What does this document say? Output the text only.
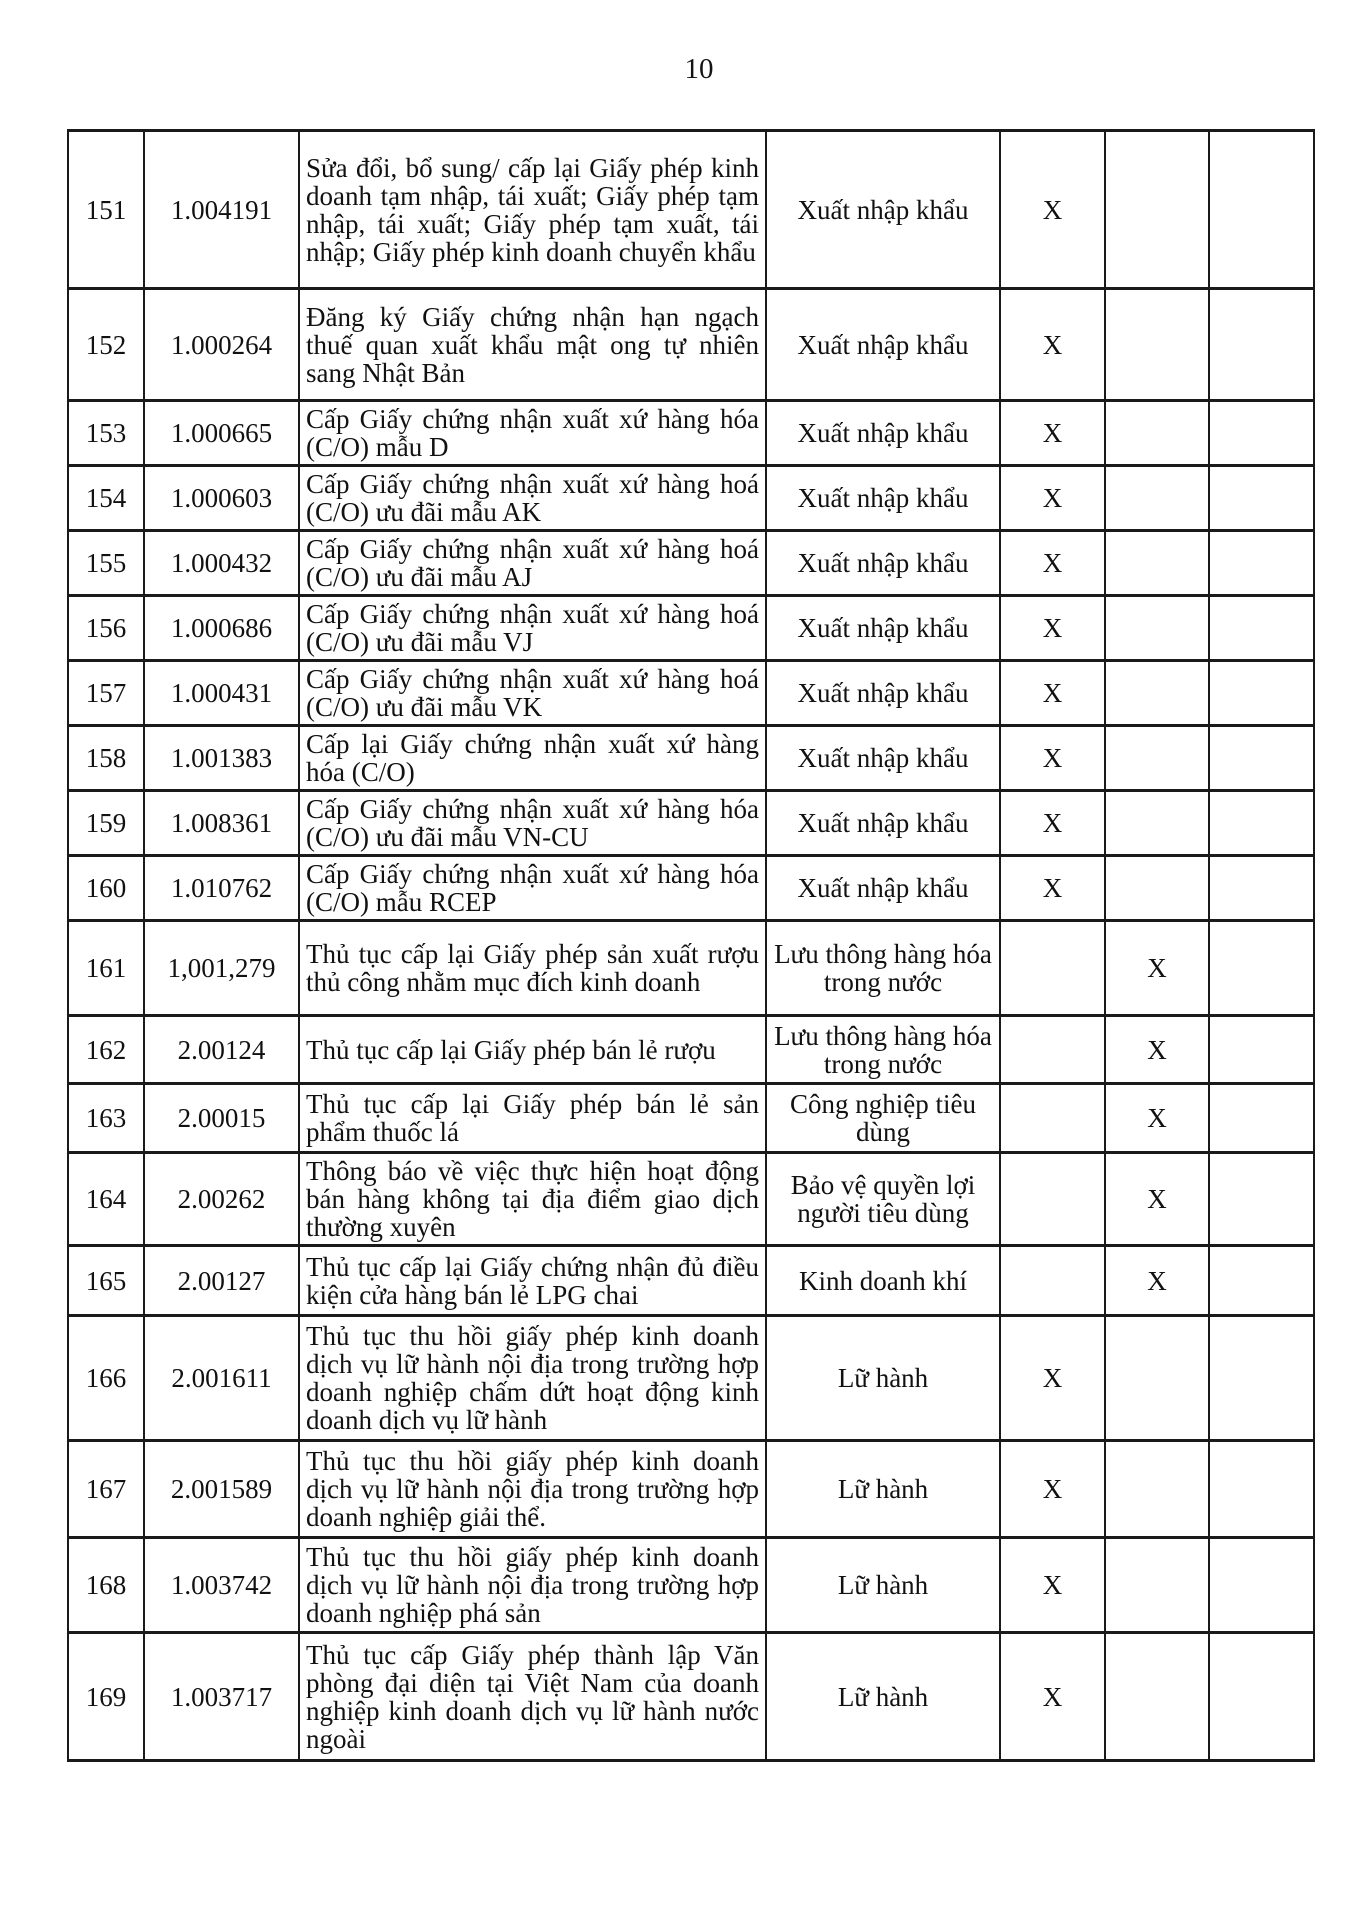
10
151	1.004191	Sửa đổi, bổ sung/ cấp lại Giấy phép kinh doanh tạm nhập, tái xuất; Giấy phép tạm nhập, tái xuất; Giấy phép tạm xuất, tái nhập; Giấy phép kinh doanh chuyển khẩu	Xuất nhập khẩu	X		
152	1.000264	Đăng ký Giấy chứng nhận hạn ngạch thuế quan xuất khẩu mật ong tự nhiên sang Nhật Bản	Xuất nhập khẩu	X		
153	1.000665	Cấp Giấy chứng nhận xuất xứ hàng hóa (C/O) mẫu D	Xuất nhập khẩu	X		
154	1.000603	Cấp Giấy chứng nhận xuất xứ hàng hoá (C/O) ưu đãi mẫu AK	Xuất nhập khẩu	X		
155	1.000432	Cấp Giấy chứng nhận xuất xứ hàng hoá (C/O) ưu đãi mẫu AJ	Xuất nhập khẩu	X		
156	1.000686	Cấp Giấy chứng nhận xuất xứ hàng hoá (C/O) ưu đãi mẫu VJ	Xuất nhập khẩu	X		
157	1.000431	Cấp Giấy chứng nhận xuất xứ hàng hoá (C/O) ưu đãi mẫu VK	Xuất nhập khẩu	X		
158	1.001383	Cấp lại Giấy chứng nhận xuất xứ hàng hóa (C/O)	Xuất nhập khẩu	X		
159	1.008361	Cấp Giấy chứng nhận xuất xứ hàng hóa (C/O) ưu đãi mẫu VN-CU	Xuất nhập khẩu	X		
160	1.010762	Cấp Giấy chứng nhận xuất xứ hàng hóa (C/O) mẫu RCEP	Xuất nhập khẩu	X		
161	1,001,279	Thủ tục cấp lại Giấy phép sản xuất rượu thủ công nhằm mục đích kinh doanh	Lưu thông hàng hóa trong nước		X	
162	2.00124	Thủ tục cấp lại Giấy phép bán lẻ rượu	Lưu thông hàng hóa trong nước		X	
163	2.00015	Thủ tục cấp lại Giấy phép bán lẻ sản phẩm thuốc lá	Công nghiệp tiêu dùng		X	
164	2.00262	Thông báo về việc thực hiện hoạt động bán hàng không tại địa điểm giao dịch thường xuyên	Bảo vệ quyền lợi người tiêu dùng		X	
165	2.00127	Thủ tục cấp lại Giấy chứng nhận đủ điều kiện cửa hàng bán lẻ LPG chai	Kinh doanh khí		X	
166	2.001611	Thủ tục thu hồi giấy phép kinh doanh dịch vụ lữ hành nội địa trong trường hợp doanh nghiệp chấm dứt hoạt động kinh doanh dịch vụ lữ hành	Lữ hành	X		
167	2.001589	Thủ tục thu hồi giấy phép kinh doanh dịch vụ lữ hành nội địa trong trường hợp doanh nghiệp giải thể.	Lữ hành	X		
168	1.003742	Thủ tục thu hồi giấy phép kinh doanh dịch vụ lữ hành nội địa trong trường hợp doanh nghiệp phá sản	Lữ hành	X		
169	1.003717	Thủ tục cấp Giấy phép thành lập Văn phòng đại diện tại Việt Nam của doanh nghiệp kinh doanh dịch vụ lữ hành nước ngoài	Lữ hành	X		
